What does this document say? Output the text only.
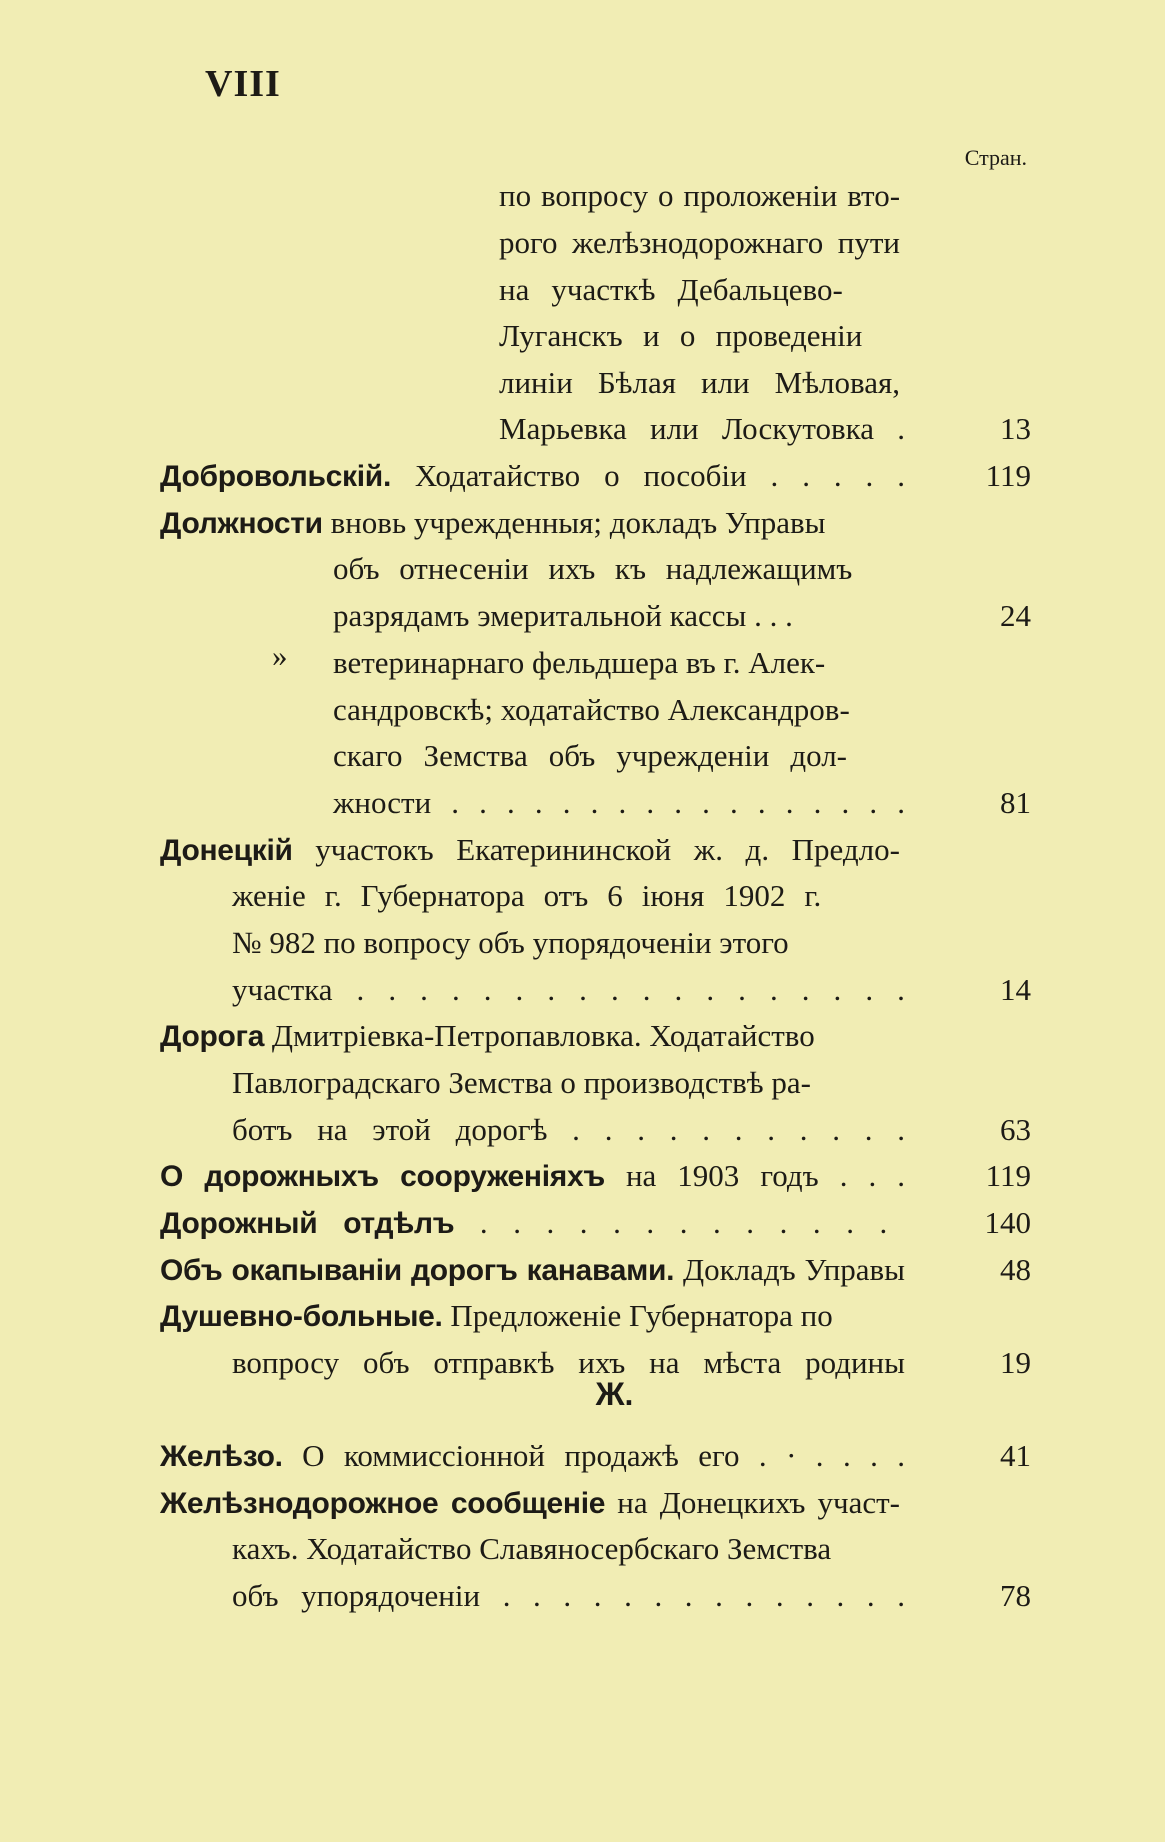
VIII
Стран.
по вопросу о проложеніи вто-
рого желѣзнодорожнаго пути
на участкѣ Дебальцево-
Луганскъ и о проведеніи
линіи Бѣлая или Мѣловая,
Марьевка или Лоскутовка .	13
Добровольскій. Ходатайство о пособіи . . . . .	119
Должности вновь учрежденныя; докладъ Управы
объ отнесеніи ихъ къ надлежащимъ
разрядамъ эмеритальной кассы . . .	24
» ветеринарнаго фельдшера въ г. Алек-
сандровскѣ; ходатайство Александров-
скаго Земства объ учрежденіи дол-
жности . . . . . . . . . . . . . . . . .	81
Донецкій участокъ Екатерининской ж. д. Предло-
женіе г. Губернатора отъ 6 іюня 1902 г.
№ 982 по вопросу объ упорядоченіи этого
участка . . . . . . . . . . . . . . . . . .	14
Дорога Дмитріевка-Петропавловка. Ходатайство
Павлоградскаго Земства о производствѣ ра-
ботъ на этой дорогѣ . . . . . . . . . . .	63
О дорожныхъ сооруженіяхъ на 1903 годъ . . .	119
Дорожный отдѣлъ . . . . . . . . . . . . .	140
Объ окапываніи дорогъ канавами. Докладъ Управы	48
Душевно-больные. Предложеніе Губернатора по
вопросу объ отправкѣ ихъ на мѣста родины	19
Желѣзо. О коммиссіонной продажѣ его . · . . . .	41
Желѣзнодорожное сообщеніе на Донецкихъ участ-
кахъ. Ходатайство Славяносербскаго Земства
объ упорядоченіи . . . . . . . . . . . . . .	78
Ж.
